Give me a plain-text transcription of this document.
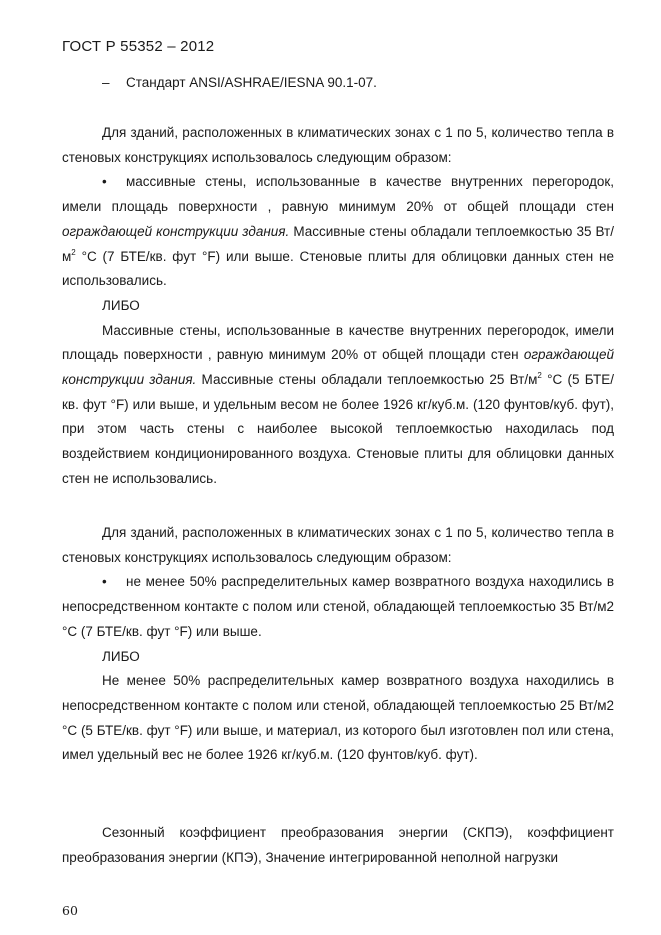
ГОСТ Р 55352 – 2012
– Стандарт ANSI/ASHRAE/IESNA 90.1-07.

Для зданий, расположенных в климатических зонах с 1 по 5, количество тепла в стеновых конструкциях использовалось следующим образом:

• массивные стены, использованные в качестве внутренних перегородок, имели площадь поверхности , равную минимум 20% от общей площади стен ограждающей конструкции здания. Массивные стены обладали теплоемкостью 35 $Вт/м^2$ °С (7 БТЕ/кв. фут °F) или выше. Стеновые плиты для облицовки данных стен не использовались.

ЛИБО

Массивные стены, использованные в качестве внутренних перегородок, имели площадь поверхности , равную минимум 20% от общей площади стен ограждающей конструкции здания. Массивные стены обладали теплоемкостью 25 $Вт/м^2$ °С (5 БТЕ/кв. фут °F) или выше, и удельным весом не более 1926 кг/куб.м. (120 фунтов/куб. фут), при этом часть стены с наиболее высокой теплоемкостью находилась под воздействием кондиционированного воздуха. Стеновые плиты для облицовки данных стен не использовались.

Для зданий, расположенных в климатических зонах с 1 по 5, количество тепла в стеновых конструкциях использовалось следующим образом:

• не менее 50% распределительных камер возвратного воздуха находились в непосредственном контакте с полом или стеной, обладающей теплоемкостью 35 Вт/м2 °С (7 БТЕ/кв. фут °F) или выше.

ЛИБО

Не менее 50% распределительных камер возвратного воздуха находились в непосредственном контакте с полом или стеной, обладающей теплоемкостью 25 Вт/м2 °С (5 БТЕ/кв. фут °F) или выше, и материал, из которого был изготовлен пол или стена, имел удельный вес не более 1926 кг/куб.м. (120 фунтов/куб. фут).

Сезонный коэффициент преобразования энергии (СКПЭ), коэффициент преобразования энергии (КПЭ), Значение интегрированной неполной нагрузки

60
